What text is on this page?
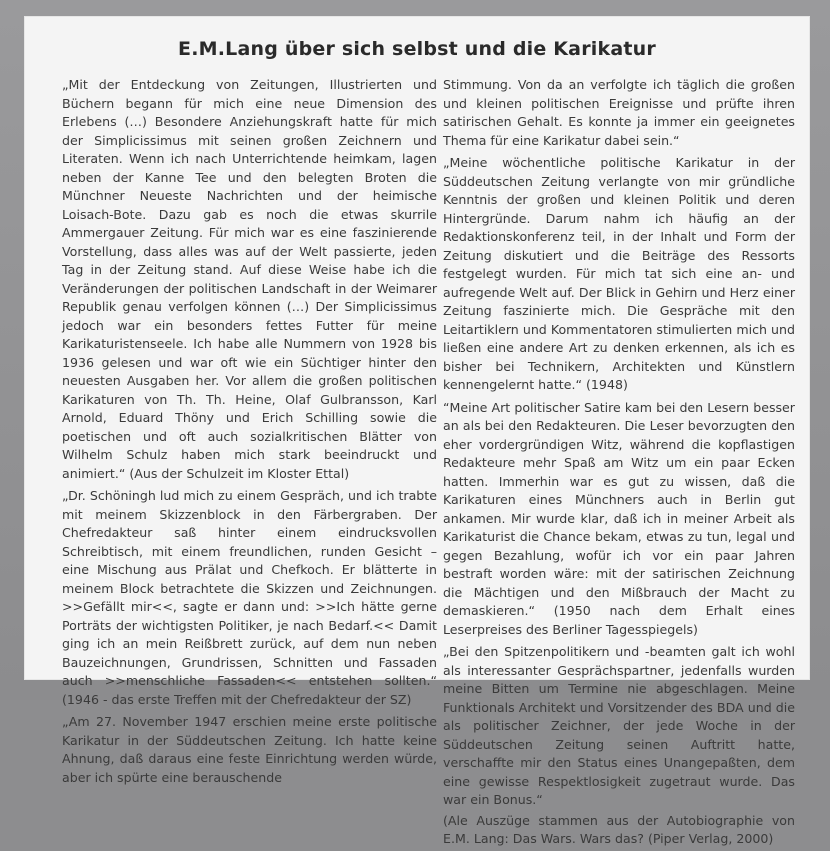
E.M.Lang über sich selbst und die Karikatur

„Mit der Entdeckung von Zeitungen, Illustrierten und Büchern begann für mich eine neue Dimension des Erlebens (…) Besondere Anziehungskraft hatte für mich der Simplicissimus mit seinen großen Zeichnern und Literaten. Wenn ich nach Unterrichtende heimkam, lagen neben der Kanne Tee und den belegten Broten die Münchner Neueste Nachrichten und der heimische Loisach-Bote. Dazu gab es noch die etwas skurrile Ammergauer Zeitung. Für mich war es eine faszinierende Vorstellung, dass alles was auf der Welt passierte, jeden Tag in der Zeitung stand. Auf diese Weise habe ich die Veränderungen der politischen Landschaft in der Weimarer Republik genau verfolgen können (…) Der Simplicissimus jedoch war ein besonders fettes Futter für meine Karikaturistenseele. Ich habe alle Nummern von 1928 bis 1936 gelesen und war oft wie ein Süchtiger hinter den neuesten Ausgaben her. Vor allem die großen politischen Karikaturen von Th. Th. Heine, Olaf Gulbransson, Karl Arnold, Eduard Thöny und Erich Schilling sowie die poetischen und oft auch sozialkritischen Blätter von Wilhelm Schulz haben mich stark beeindruckt und animiert.“ (Aus der Schulzeit im Kloster Ettal)

„Dr. Schöningh lud mich zu einem Gespräch, und ich trabte mit meinem Skizzenblock in den Färbergraben. Der Chefredakteur saß hinter einem eindrucksvollen Schreibtisch, mit einem freundlichen, runden Gesicht – eine Mischung aus Prälat und Chefkoch. Er blätterte in meinem Block betrachtete die Skizzen und Zeichnungen. >>Gefällt mir<<, sagte er dann und: >>Ich hätte gerne Porträts der wichtigsten Politiker, je nach Bedarf.<< Damit ging ich an mein Reißbrett zurück, auf dem nun neben Bauzeichnungen, Grundrissen, Schnitten und Fassaden auch >>menschliche Fassaden<< entstehen sollten.“ (1946 - das erste Treffen mit der Chefredakteur der SZ)

„Am 27. November 1947 erschien meine erste politische Karikatur in der Süddeutschen Zeitung. Ich hatte keine Ahnung, daß daraus eine feste Einrichtung werden würde, aber ich spürte eine berauschende

Stimmung. Von da an verfolgte ich täglich die großen und kleinen politischen Ereignisse und prüfte ihren satirischen Gehalt. Es konnte ja immer ein geeignetes Thema für eine Karikatur dabei sein.“

„Meine wöchentliche politische Karikatur in der Süddeutschen Zeitung verlangte von mir gründliche Kenntnis der großen und kleinen Politik und deren Hintergründe. Darum nahm ich häufig an der Redaktionskonferenz teil, in der Inhalt und Form der Zeitung diskutiert und die Beiträge des Ressorts festgelegt wurden. Für mich tat sich eine an- und aufregende Welt auf. Der Blick in Gehirn und Herz einer Zeitung faszinierte mich. Die Gespräche mit den Leitartiklern und Kommentatoren stimulierten mich und ließen eine andere Art zu denken erkennen, als ich es bisher bei Technikern, Architekten und Künstlern kennengelernt hatte.“ (1948)

“Meine Art politischer Satire kam bei den Lesern besser an als bei den Redakteuren. Die Leser bevorzugten den eher vordergründigen Witz, während die kopflastigen Redakteure mehr Spaß am Witz um ein paar Ecken hatten. Immerhin war es gut zu wissen, daß die Karikaturen eines Münchners auch in Berlin gut ankamen. Mir wurde klar, daß ich in meiner Arbeit als Karikaturist die Chance bekam, etwas zu tun, legal und gegen Bezahlung, wofür ich vor ein paar Jahren bestraft worden wäre: mit der satirischen Zeichnung die Mächtigen und den Mißbrauch der Macht zu demaskieren.“ (1950 nach dem Erhalt eines Leserpreises des Berliner Tagesspiegels)

„Bei den Spitzenpolitikern und -beamten galt ich wohl als interessanter Gesprächspartner, jedenfalls wurden meine Bitten um Termine nie abgeschlagen. Meine Funktionals Architekt und Vorsitzender des BDA und die als politischer Zeichner, der jede Woche in der Süddeutschen Zeitung seinen Auftritt hatte, verschaffte mir den Status eines Unangepaßten, dem eine gewisse Respektlosigkeit zugetraut wurde. Das war ein Bonus.“

(Ale Auszüge stammen aus der Autobiographie von E.M. Lang: Das Wars. Wars das? (Piper Verlag, 2000)
